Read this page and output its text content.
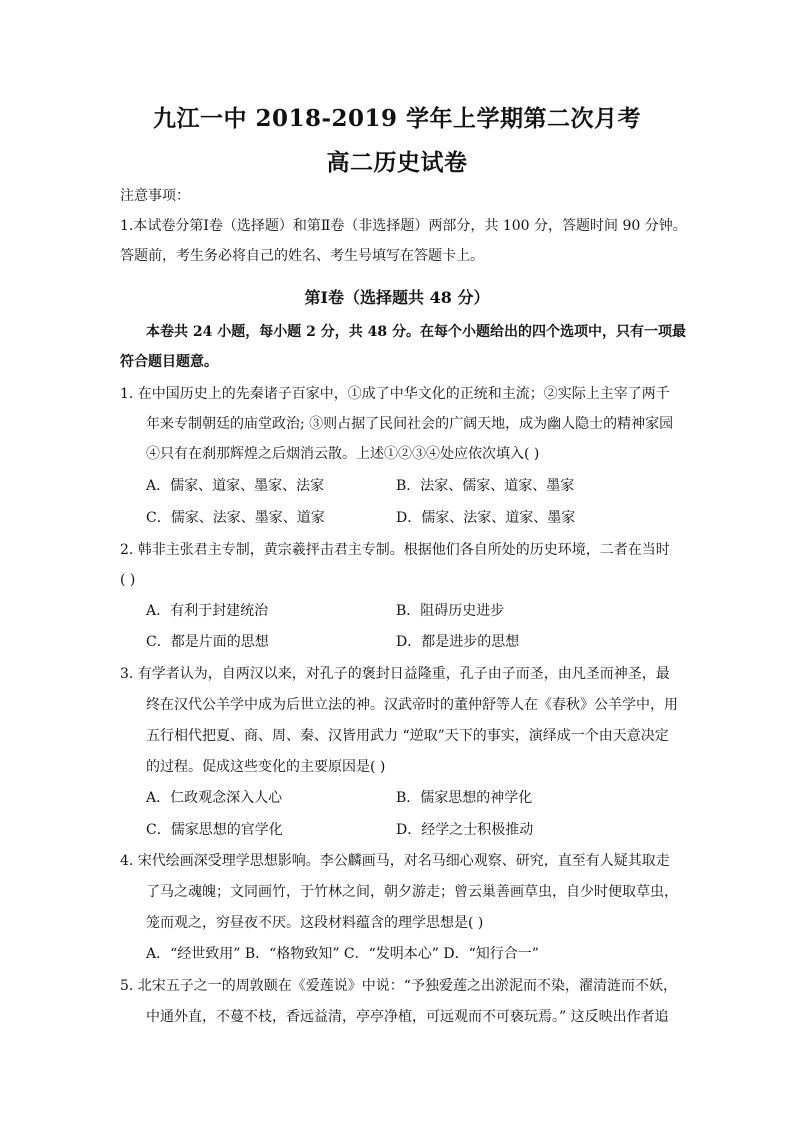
九江一中 2018-2019 学年上学期第二次月考
高二历史试卷
注意事项：
1.本试卷分第Ⅰ卷（选择题）和第Ⅱ卷（非选择题）两部分，共 100 分，答题时间 90 分钟。
答题前，考生务必将自己的姓名、考生号填写在答题卡上。
第Ⅰ卷（选择题共 48 分）
本卷共 24 小题，每小题 2 分，共 48 分。在每个小题给出的四个选项中，只有一项最
符合题目题意。
1. 在中国历史上的先秦诸子百家中，①成了中华文化的正统和主流；②实际上主宰了两千
年来专制朝廷的庙堂政治; ③则占据了民间社会的广阔天地，成为幽人隐士的精神家园
④只有在刹那辉煌之后烟消云散。上述①②③④处应依次填入( )
A．儒家、道家、墨家、法家	B．法家、儒家、道家、墨家
C．儒家、法家、墨家、道家	D．儒家、法家、道家、墨家
2. 韩非主张君主专制，黄宗羲抨击君主专制。根据他们各自所处的历史环境，二者在当时
( )
A．有利于封建统治	B．阻碍历史进步
C．都是片面的思想	D．都是进步的思想
3. 有学者认为，自两汉以来，对孔子的褒封日益隆重，孔子由子而圣，由凡圣而神圣，最
终在汉代公羊学中成为后世立法的神。汉武帝时的董仲舒等人在《春秋》公羊学中，用
五行相代把夏、商、周、秦、汉皆用武力 “逆取”天下的事实，演绎成一个由天意决定
的过程。促成这些变化的主要原因是( )
A．仁政观念深入人心	B．儒家思想的神学化
C．儒家思想的官学化	D．经学之士积极推动
4. 宋代绘画深受理学思想影响。李公麟画马，对名马细心观察、研究，直至有人疑其取走
了马之魂魄；文同画竹，于竹林之间，朝夕游走；曾云巢善画草虫，自少时便取草虫，
笼而观之，穷昼夜不厌。这段材料蕴含的理学思想是( )
A．“经世致用” B．“格物致知” C．“发明本心” D．“知行合一”
5. 北宋五子之一的周敦颐在《爱莲说》中说：“予独爱莲之出淤泥而不染，濯清涟而不妖，
中通外直，不蔓不枝，香远益清，亭亭净植，可远观而不可亵玩焉。” 这反映出作者追
